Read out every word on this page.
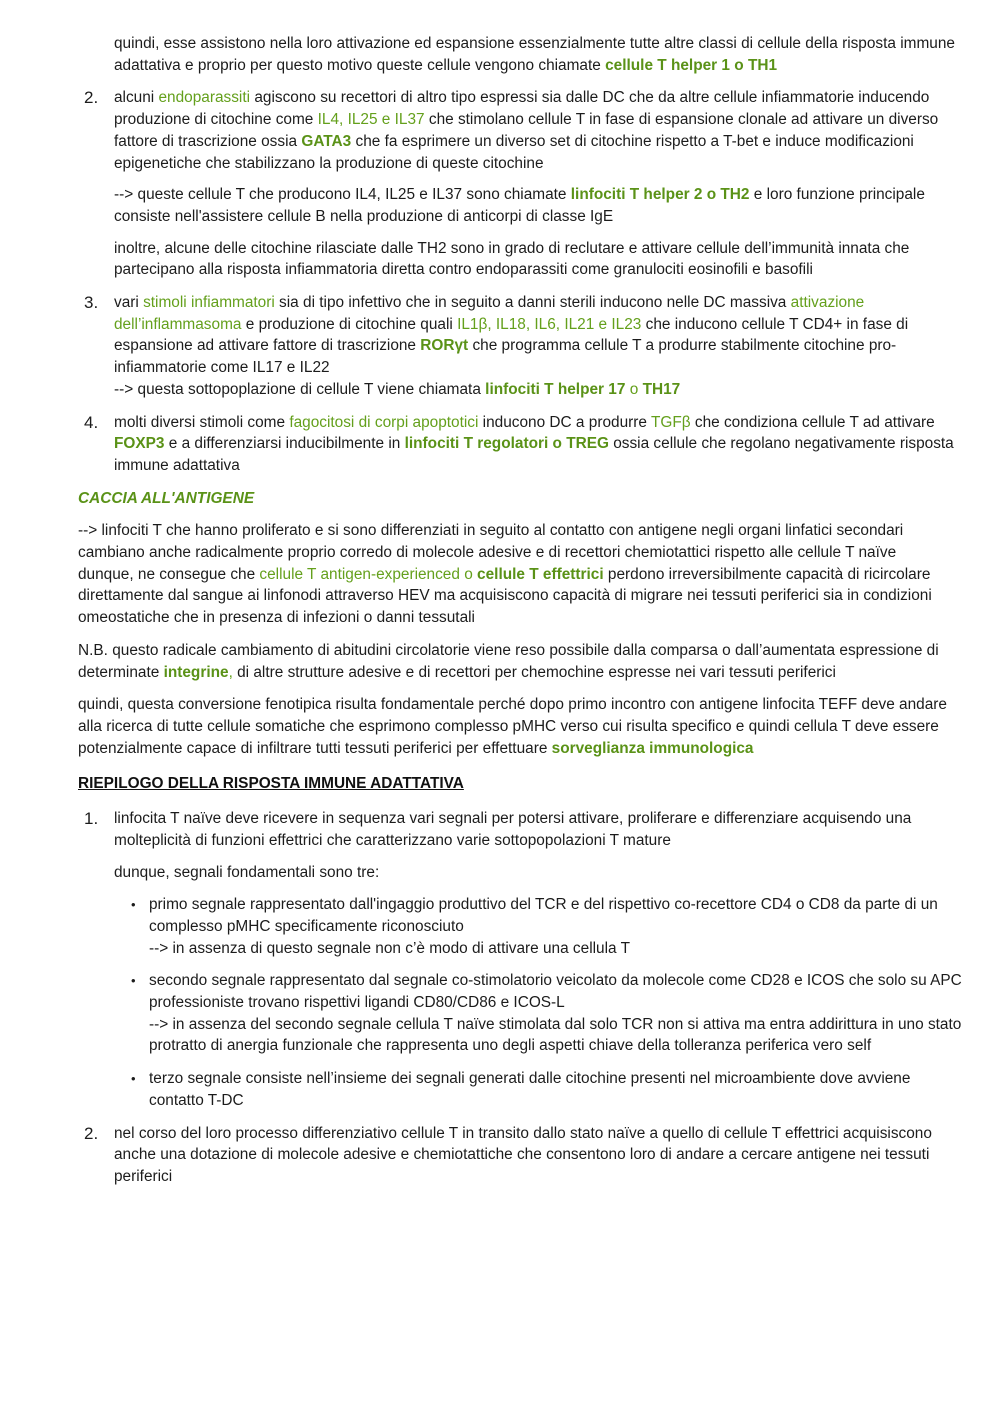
quindi, esse assistono nella loro attivazione ed espansione essenzialmente tutte altre classi di cellule della risposta immune adattativa e proprio per questo motivo queste cellule vengono chiamate cellule T helper 1 o TH1

2. alcuni endoparassiti agiscono su recettori di altro tipo espressi sia dalle DC che da altre cellule infiammatorie inducendo produzione di citochine come IL4, IL25 e IL37 che stimolano cellule T in fase di espansione clonale ad attivare un diverso fattore di trascrizione ossia GATA3 che fa esprimere un diverso set di citochine rispetto a T-bet e induce modificazioni epigenetiche che stabilizzano la produzione di queste citochine

--> queste cellule T che producono IL4, IL25 e IL37 sono chiamate linfociti T helper 2 o TH2 e loro funzione principale consiste nell'assistere cellule B nella produzione di anticorpi di classe IgE

inoltre, alcune delle citochine rilasciate dalle TH2 sono in grado di reclutare e attivare cellule dell’immunità innata che partecipano alla risposta infiammatoria diretta contro endoparassiti come granulociti eosinofili e basofili

3. vari stimoli infiammatori sia di tipo infettivo che in seguito a danni sterili inducono nelle DC massiva attivazione dell’inflammasoma e produzione di citochine quali IL1β, IL18, IL6, IL21 e IL23 che inducono cellule T CD4+ in fase di espansione ad attivare fattore di trascrizione RORγt che programma cellule T a produrre stabilmente citochine pro-infiammatorie come IL17 e IL22
--> questa sottopoplazione di cellule T viene chiamata linfociti T helper 17 o TH17

4. molti diversi stimoli come fagocitosi di corpi apoptotici inducono DC a produrre TGFβ che condiziona cellule T ad attivare FOXP3 e a differenziarsi inducibilmente in linfociti T regolatori o TREG ossia cellule che regolano negativamente risposta immune adattativa

CACCIA ALL'ANTIGENE

--> linfociti T che hanno proliferato e si sono differenziati in seguito al contatto con antigene negli organi linfatici secondari cambiano anche radicalmente proprio corredo di molecole adesive e di recettori chemiotattici rispetto alle cellule T naïve
dunque, ne consegue che cellule T antigen-experienced o cellule T effettrici perdono irreversibilmente capacità di ricircolare direttamente dal sangue ai linfonodi attraverso HEV ma acquisiscono capacità di migrare nei tessuti periferici sia in condizioni omeostatiche che in presenza di infezioni o danni tessutali

N.B. questo radicale cambiamento di abitudini circolatorie viene reso possibile dalla comparsa o dall’aumentata espressione di determinate integrine, di altre strutture adesive e di recettori per chemochine espresse nei vari tessuti periferici

quindi, questa conversione fenotipica risulta fondamentale perché dopo primo incontro con antigene linfocita TEFF deve andare alla ricerca di tutte cellule somatiche che esprimono complesso pMHC verso cui risulta specifico e quindi cellula T deve essere potenzialmente capace di infiltrare tutti tessuti periferici per effettuare sorveglianza immunologica

RIEPILOGO DELLA RISPOSTA IMMUNE ADATTATIVA

1. linfocita T naïve deve ricevere in sequenza vari segnali per potersi attivare, proliferare e differenziare acquisendo una molteplicità di funzioni effettrici che caratterizzano varie sottopopolazioni T mature

dunque, segnali fondamentali sono tre:

• primo segnale rappresentato dall'ingaggio produttivo del TCR e del rispettivo co-recettore CD4 o CD8 da parte di un complesso pMHC specificamente riconosciuto
--> in assenza di questo segnale non c’è modo di attivare una cellula T

• secondo segnale rappresentato dal segnale co-stimolatorio veicolato da molecole come CD28 e ICOS che solo su APC professioniste trovano rispettivi ligandi CD80/CD86 e ICOS-L
--> in assenza del secondo segnale cellula T naïve stimolata dal solo TCR non si attiva ma entra addirittura in uno stato protratto di anergia funzionale che rappresenta uno degli aspetti chiave della tolleranza periferica vero self

• terzo segnale consiste nell’insieme dei segnali generati dalle citochine presenti nel microambiente dove avviene contatto T-DC

2. nel corso del loro processo differenziativo cellule T in transito dallo stato naïve a quello di cellule T effettrici acquisiscono anche una dotazione di molecole adesive e chemiotattiche che consentono loro di andare a cercare antigene nei tessuti periferici
